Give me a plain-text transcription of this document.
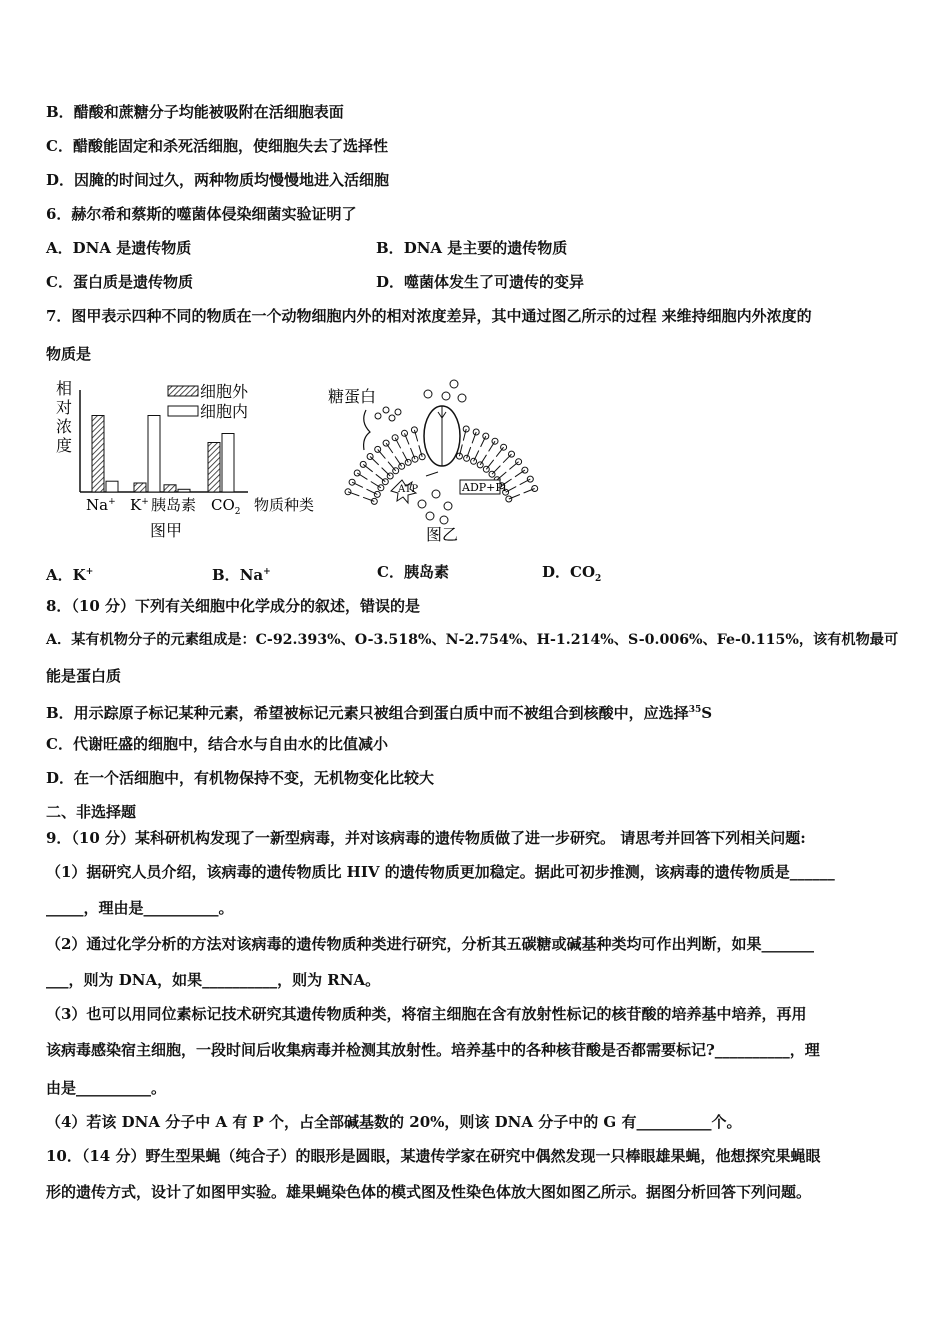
B．醋酸和蔗糖分子均能被吸附在活细胞表面
C．醋酸能固定和杀死活细胞，使细胞失去了选择性
D．因腌的时间过久，两种物质均慢慢地进入活细胞
6．赫尔希和蔡斯的噬菌体侵染细菌实验证明了
A．DNA 是遗传物质	B．DNA 是主要的遗传物质
C．蛋白质是遗传物质	D．噬菌体发生了可遗传的变异
7．图甲表示四种不同的物质在一个动物细胞内外的相对浓度差异，其中通过图乙所示的过程 来维持细胞内外浓度的
物质是
相
对
浓
度
细胞外
细胞内
Na+ K+ 胰岛素 $CO_2$ 物质种类
图甲
糖蛋白
ATP	ADP+Pi
图乙
A．K+	B．Na+	C．胰岛素	D．$CO_2$
8．（10 分）下列有关细胞中化学成分的叙述，错误的是
A．某有机物分子的元素组成是：C-92.393%、O-3.518%、N-2.754%、H-1.214%、S-0.006%、Fe-0.115%，该有机物最可
能是蛋白质
B．用示踪原子标记某种元素，希望被标记元素只被组合到蛋白质中而不被组合到核酸中，应选择$^{35}$S
C．代谢旺盛的细胞中，结合水与自由水的比值减小
D．在一个活细胞中，有机物保持不变，无机物变化比较大
二、非选择题
9．（10 分）某科研机构发现了一新型病毒，并对该病毒的遗传物质做了进一步研究。 请思考并回答下列相关问题:
（1）据研究人员介绍，该病毒的遗传物质比 HIV 的遗传物质更加稳定。据此可初步推测，该病毒的遗传物质是______
_____，理由是__________。
（2）通过化学分析的方法对该病毒的遗传物质种类进行研究，分析其五碳糖或碱基种类均可作出判断，如果_______
___，则为 DNA，如果__________，则为 RNA。
（3）也可以用同位素标记技术研究其遗传物质种类，将宿主细胞在含有放射性标记的核苷酸的培养基中培养，再用
该病毒感染宿主细胞，一段时间后收集病毒并检测其放射性。培养基中的各种核苷酸是否都需要标记?__________，理
由是__________。
（4）若该 DNA 分子中 A 有 P 个，占全部碱基数的 20%，则该 DNA 分子中的 G 有__________个。
10．（14 分）野生型果蝇（纯合子）的眼形是圆眼，某遗传学家在研究中偶然发现一只棒眼雄果蝇，他想探究果蝇眼
形的遗传方式，设计了如图甲实验。雄果蝇染色体的模式图及性染色体放大图如图乙所示。据图分析回答下列问题。
